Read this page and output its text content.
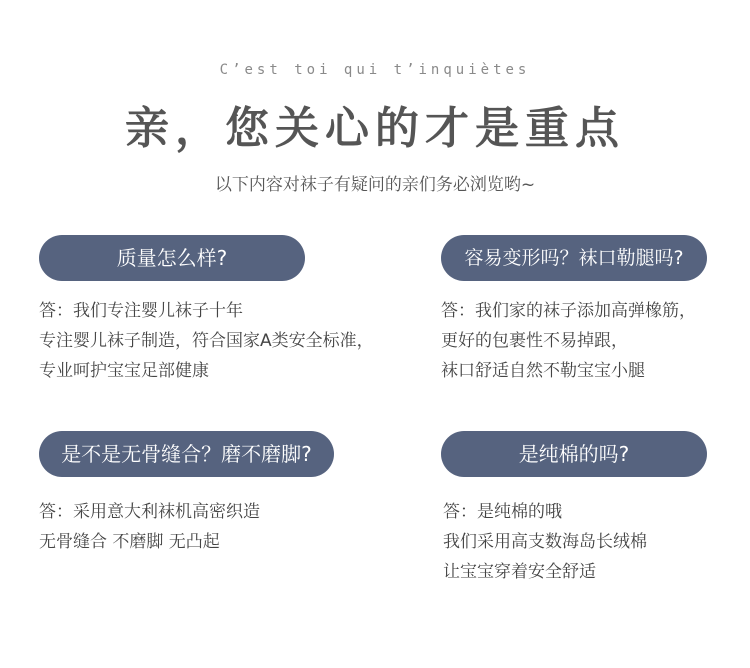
C’est toi qui t’inquiètes
亲，您关心的才是重点
以下内容对袜子有疑问的亲们务必浏览哟~
质量怎么样?
答：我们专注婴儿袜子十年
专注婴儿袜子制造，符合国家A类安全标准，
专业呵护宝宝足部健康
容易变形吗？袜口勒腿吗?
答：我们家的袜子添加高弹橡筋，
更好的包裹性不易掉跟，
袜口舒适自然不勒宝宝小腿
是不是无骨缝合？磨不磨脚?
答：采用意大利袜机高密织造
无骨缝合 不磨脚 无凸起
是纯棉的吗?
答：是纯棉的哦
我们采用高支数海岛长绒棉
让宝宝穿着安全舒适
